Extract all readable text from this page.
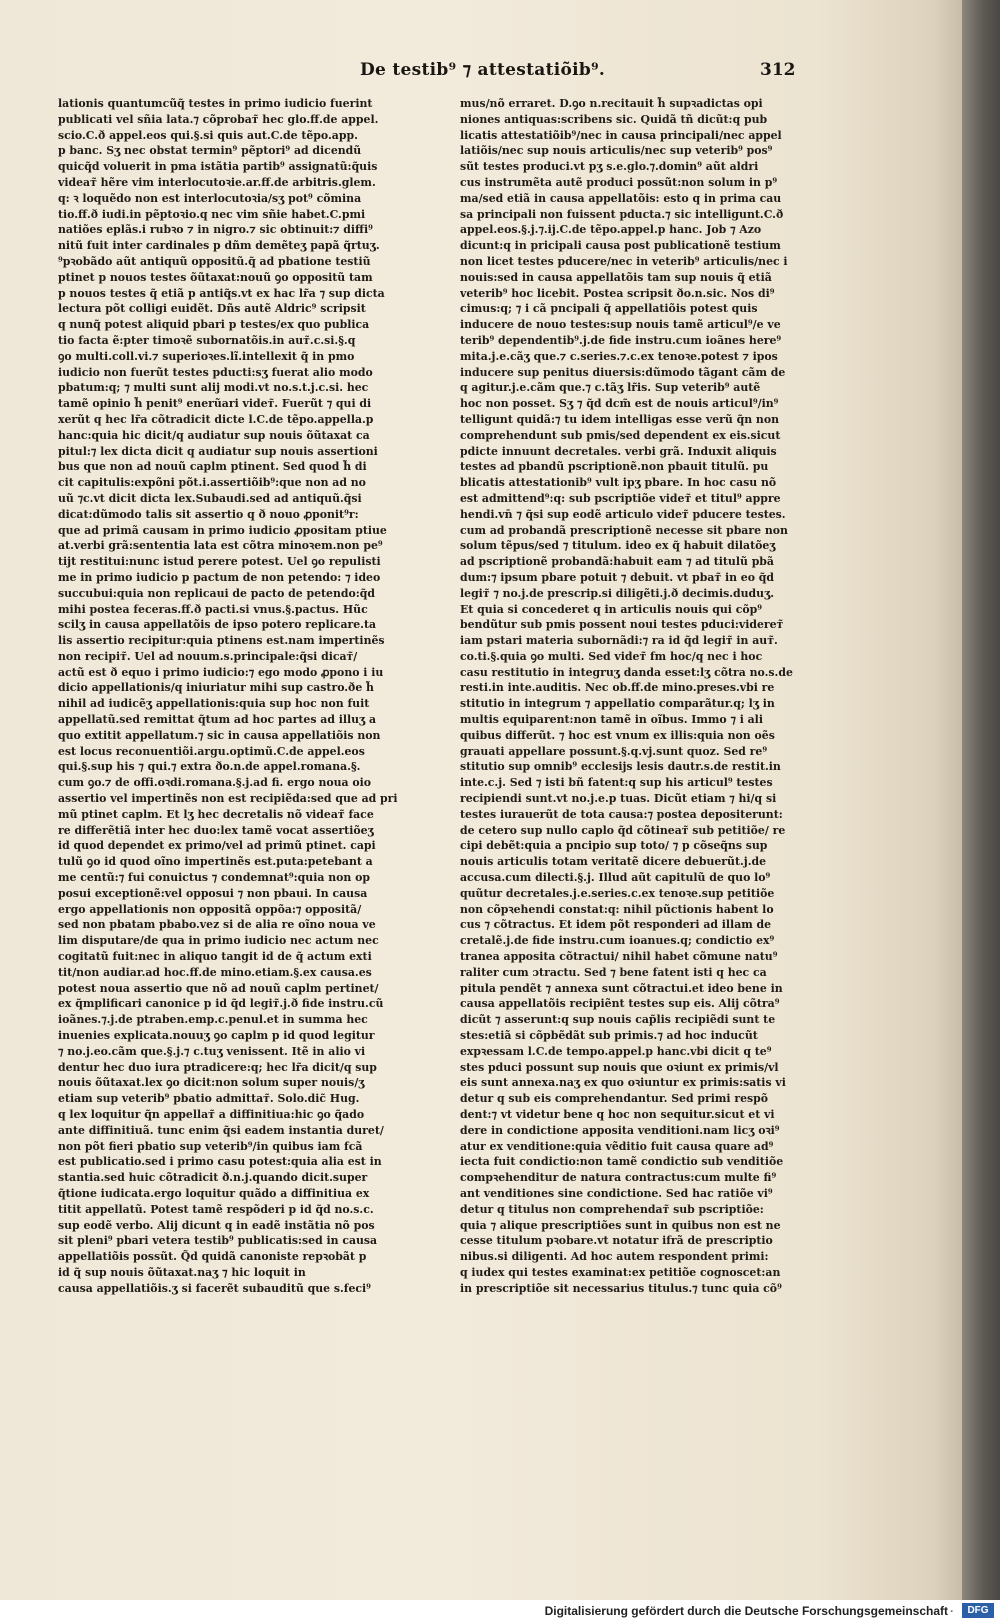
De testib⁹ ⁊ attestatiõib⁹.	312
lationis quantumcũq̃ testes in primo iudicio fuerint
publicati vel sñia lata.⁊ cõprobaт̃ hec glo.ff.de appel.
scio.C.ð appel.eos qui.§.si quis aut.C.de tẽpo.app.
p banc. Sʒ nec obstat termin⁹ pẽptori⁹ ad dicendũ
quicq̃d voluerit in pma istãtia partib⁹ assignatũ:q̃uis
videaт̃ hẽre vim interlocutoꝛie.ar.ff.de arbitris.glem.
q: ꝛ loquẽdo non est interlocutoꝛia/sʒ pot⁹ cõmina
tio.ff.ð iudi.in pẽptoꝛio.q nec vim sñie habet.C.pmi
natiões eplãs.i rubꝛo ⁊ in nigro.⁊ sic obtinuit:⁊ diffi⁹
nitũ fuit inter cardinales p dñm demẽteʒ papã q̃rtuʒ.
⁹pꝛobãdo aũt antiquũ oppositũ.q̃ ad pbatione testiũ
ptinet p nouos testes õũtaxat:nouũ ꝯo oppositũ tam
p nouos testes q̃ etiã p antiq̃s.vt ex hac lr̃a ⁊ sup dicta
lectura põt colligi euidẽt. Dñs autẽ Aldric⁹ scripsit
q nunq̃ potest aliquid pbari p testes/ex quo publica
tio facta ẽ:pter timoꝛẽ subornatõis.in auт̃.c.si.§.q
ꝯo multi.coll.vi.⁊ superioꝛes.lĩ.intellexit q̃ in pmo
iudicio non fuerũt testes pducti:sʒ fuerat alio modo
pbatum:q; ⁊ multi sunt alij modi.vt no.s.t.j.c.si. hec
tamẽ opinio h̃ penit⁹ enerũari videт̃. Fuerũt ⁊ qui di
xerũt q hec lr̃a cõtradicit dicte l.C.de tẽpo.appella.p
hanc:quia hic dicit/q audiatur sup nouis õũtaxat ca
pitul:⁊ lex dicta dicit q audiatur sup nouis assertioni
bus que non ad nouũ caplm ptinent. Sed quod h̃ di
cit capitulis:expõni põt.i.assertiõib⁹:que non ad no
uũ ⁊c.vt dicit dicta lex.Subaudi.sed ad antiquũ.q̃si
dicat:dũmodo talis sit assertio q ð nouo ꝓponit⁹r:
que ad primã causam in primo iudicio ꝓpositam ptiue
at.verbi grã:sententia lata est cõtra minoꝛem.non pe⁹
tijt restitui:nunc istud perere potest. Uel ꝯo repulisti
me in primo iudicio p pactum de non petendo: ⁊ ideo
succubui:quia non replicaui de pacto de petendo:q̃d
mihi postea feceras.ff.ð pacti.si vnus.§.pactus. Hũc
scilʒ in causa appellatõis de ipso potero replicare.ta
lis assertio recipitur:quia ptinens est.nam impertinẽs
non recipiт̃. Uel ad nouum.s.principale:q̃si dicaт̃/
actũ est ð equo i primo iudicio:⁊ ego modo ꝓpono i iu
dicio appellationis/q iniuriatur mihi sup castro.ðe h̃
nihil ad iudicẽʒ appellationis:quia sup hoc non fuit
appellatũ.sed remittat q̃tum ad hoc partes ad illuʒ a
quo extitit appellatum.⁊ sic in causa appellatiõis non
est locus reconuentiõi.argu.optimũ.C.de appel.eos
qui.§.sup his ⁊ qui.⁊ extra ðo.n.de appel.romana.§.
cum ꝯo.⁊ de offi.oꝛdi.romana.§.j.ad fi. ergo noua oio
assertio vel impertinẽs non est recipiẽda:sed que ad pri
mũ ptinet caplm. Et lʒ hec decretalis nõ videaт̃ face
re differẽtiã inter hec duo:lex tamẽ vocat assertiõeʒ
id quod dependet ex primo/vel ad primũ ptinet. capi
tulũ ꝯo id quod oĩno impertinẽs est.puta:petebant a
me centũ:⁊ fui conuictus ⁊ condemnat⁹:quia non op
posui exceptionẽ:vel opposui ⁊ non pbaui. In causa
ergo appellationis non oppositã oppõa:⁊ oppositã/
sed non pbatam pbabo.vez si de alia re oĩno noua ve
lim disputare/de qua in primo iudicio nec actum nec
cogitatũ fuit:nec in aliquo tangit id de q̃ actum exti
tit/non audiar.ad hoc.ff.de mino.etiam.§.ex causa.es
potest noua assertio que nõ ad nouũ caplm pertinet/
ex q̃mplificari canonice p id q̃d legiт̃.j.ð fide instru.cũ
ioãnes.⁊.j.de ptraben.emp.c.penul.et in summa hec
inuenies explicata.nouuʒ ꝯo caplm p id quod legitur
⁊ no.j.eo.cãm que.§.j.⁊ c.tuʒ venissent. Itẽ in alio vi
dentur hec duo iura ptradicere:q; hec lr̃a dicit/q sup
nouis õũtaxat.lex ꝯo dicit:non solum super nouis/ʒ
etiam sup veterib⁹ pbatio admittaт̃. Solo.dic̃ Hug.
q lex loquitur q̃n appellaт̃ a diffinitiua:hic ꝯo q̃ado
ante diffinitiuã. tunc enim q̃si eadem instantia duret/
non põt fieri pbatio sup veterib⁹/in quibus iam fcã
est publicatio.sed i primo casu potest:quia alia est in
stantia.sed huic cõtradicit ð.n.j.quando dicit.super
q̃tione iudicata.ergo loquitur quãdo a diffinitiua ex
titit appellatũ. Potest tamẽ respõderi p id q̃d no.s.c.
sup eodẽ verbo. Alij dicunt q in eadẽ instãtia nõ pos
sit pleni⁹ pbari vetera testib⁹ publicatis:sed in causa
appellatiõis possũt. Q̃d quidã canoniste repꝛobãt p
id q̃ sup nouis õũtaxat.naʒ ⁊ hic loquit in
causa appellatiõis.ʒ si facerẽt subauditũ que s.feci⁹
mus/nõ erraret. D.ꝯo n.recitauit h̃ supꝛadictas opi
niones antiquas:scribens sic. Quidã tñ dicũt:q pub
licatis attestatiõib⁹/nec in causa principali/nec appel
latiõis/nec sup nouis articulis/nec sup veterib⁹ pos⁹
sũt testes produci.vt pʒ s.e.glo.⁊.domin⁹ aũt aldri
cus instrumẽta autẽ produci possũt:non solum in p⁹
ma/sed etiã in causa appellatõis: esto q in prima cau
sa principali non fuissent pducta.⁊ sic intelligunt.C.ð
appel.eos.§.j.⁊.ij.C.de tẽpo.appel.p hanc. Job ⁊ Azo
dicunt:q in pricipali causa post publicationẽ testium
non licet testes pducere/nec in veterib⁹ articulis/nec i
nouis:sed in causa appellatõis tam sup nouis q̃ etiã
veterib⁹ hoc licebit. Postea scripsit ðo.n.sic. Nos di⁹
cimus:q; ⁊ i cã pncipali q̃ appellatiõis potest quis
inducere de nouo testes:sup nouis tamẽ articul⁹/e ve
terib⁹ dependentib⁹.j.de fide instru.cum ioãnes here⁹
mita.j.e.cãʒ que.⁊ c.series.⁊.c.ex tenoꝛe.potest ⁊ ipos
inducere sup penitus diuersis:dũmodo tãgant cãm de
q agitur.j.e.cãm que.⁊ c.tãʒ lr̃is. Sup veterib⁹ autẽ
hoc non posset. Sʒ ⁊ q̃d dcm̃ est de nouis articul⁹/in⁹
telligunt quidã:⁊ tu idem intelligas esse verũ q̃n non
comprehendunt sub pmis/sed dependent ex eis.sicut
pdicte innuunt decretales. verbi grã. Induxit aliquis
testes ad pbandũ pscriptionẽ.non pbauit titulũ. pu
blicatis attestationib⁹ vult ipʒ pbare. In hoc casu nõ
est admittend⁹:q: sub pscriptiõe videт̃ et titul⁹ appre
hendi.vn̄ ⁊ q̃si sup eodẽ articulo videт̃ pducere testes.
cum ad probandã prescriptionẽ necesse sit pbare non
solum tẽpus/sed ⁊ titulum. ideo ex q̃ habuit dilatõeʒ
ad pscriptionẽ probandã:habuit eam ⁊ ad titulũ pbã
dum:⁊ ipsum pbare potuit ⁊ debuit. vt pbaт̃ in eo q̃d
legiт̃ ⁊ no.j.de prescrip.si diligẽti.j.ð decimis.duduʒ.
Et quia si concederet q in articulis nouis qui cõp⁹
bendũtur sub pmis possent noui testes pduci:videreт̃
iam pstari materia subornãdi:⁊ ra id q̃d legiт̃ in auт̃.
co.ti.§.quia ꝯo multi. Sed videт̃ fm hoc/q nec i hoc
casu restitutio in integruʒ danda esset:lʒ cõtra no.s.de
resti.in inte.auditis. Nec ob.ff.de mino.preses.vbi re
stitutio in integrum ⁊ appellatio comparãtur.q; lʒ in
multis equiparent:non tamẽ in oĩbus. Immo ⁊ i ali
quibus differũt. ⁊ hoc est vnum ex illis:quia non oẽs
grauati appellare possunt.§.q.vj.sunt quoz. Sed re⁹
stitutio sup omnib⁹ ecclesijs lesis dautr.s.de restit.in
inte.c.j. Sed ⁊ isti bñ fatent:q sup his articul⁹ testes
recipiendi sunt.vt no.j.e.p tuas. Dicũt etiam ⁊ hi/q si
testes iurauerũt de tota causa:⁊ postea depositerunt:
de cetero sup nullo caplo q̃d cõtineaт̃ sub petitiõe/ re
cipi debẽt:quia a pncipio sup toto/ ⁊ p cõseq̃ns sup
nouis articulis totam veritatẽ dicere debuerũt.j.de
accusa.cum dilecti.§.j. Illud aũt capitulũ de quo lo⁹
quũtur decretales.j.e.series.c.ex tenoꝛe.sup petitiõe
non cõpꝛehendi constat:q: nihil pũctionis habent lo
cus ⁊ cõtractus. Et idem põt responderi ad illam de
cretalẽ.j.de fide instru.cum ioanues.q; condictio ex⁹
tranea apposita cõtractui/ nihil habet cõmune natu⁹
raliter cum ɔtractu. Sed ⁊ bene fatent isti q hec ca
pitula pendẽt ⁊ annexa sunt cõtractui.et ideo bene in
causa appellatõis recipiẽnt testes sup eis. Alij cõtra⁹
dicũt ⁊ asserunt:q sup nouis cap̃lis recipiẽdi sunt te
stes:etiã si cõpbẽdãt sub primis.⁊ ad hoc inducũt
expꝛessam l.C.de tempo.appel.p hanc.vbi dicit q te⁹
stes pduci possunt sup nouis que oꝛiunt ex primis/vl
eis sunt annexa.naʒ ex quo oꝛiuntur ex primis:satis vi
detur q sub eis comprehendantur. Sed primi respõ
dent:⁊ vt videtur bene q hoc non sequitur.sicut et vi
dere in condictione apposita venditioni.nam licʒ oꝛi⁹
atur ex venditione:quia vẽditio fuit causa quare ad⁹
iecta fuit condictio:non tamẽ condictio sub venditiõe
compꝛehenditur de natura contractus:cum multe fi⁹
ant venditiones sine condictione. Sed hac ratiõe vi⁹
detur q titulus non comprehendaт̃ sub pscriptiõe:
quia ⁊ alique prescriptiões sunt in quibus non est ne
cesse titulum pꝛobare.vt notatur ifrã de prescriptio
nibus.si diligenti. Ad hoc autem respondent primi:
q iudex qui testes examinat:ex petitiõe cognoscet:an
in prescriptiõe sit necessarius titulus.⁊ tunc quia cõ⁹
Digitalisierung gefördert durch die Deutsche Forschungsgemeinschaft ·	DFG
